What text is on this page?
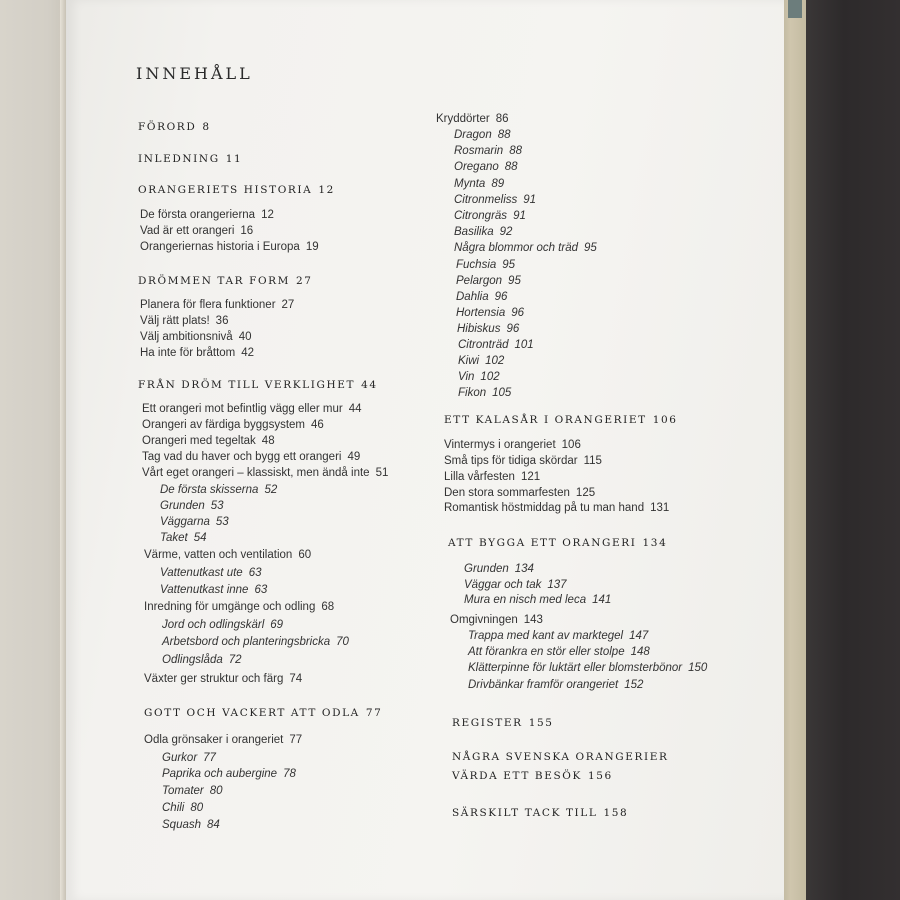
INNEHÅLL
FÖRORD 8
INLEDNING 11
ORANGERIETS HISTORIA 12
De första orangerierna 12
Vad är ett orangeri 16
Orangeriernas historia i Europa 19
DRÖMMEN TAR FORM 27
Planera för flera funktioner 27
Välj rätt plats! 36
Välj ambitionsnivå 40
Ha inte för bråttom 42
FRÅN DRÖM TILL VERKLIGHET 44
Ett orangeri mot befintlig vägg eller mur 44
Orangeri av färdiga byggsystem 46
Orangeri med tegeltak 48
Tag vad du haver och bygg ett orangeri 49
Vårt eget orangeri – klassiskt, men ändå inte 51
De första skisserna 52
Grunden 53
Väggarna 53
Taket 54
Värme, vatten och ventilation 60
Vattenutkast ute 63
Vattenutkast inne 63
Inredning för umgänge och odling 68
Jord och odlingskärl 69
Arbetsbord och planteringsbricka 70
Odlingslåda 72
Växter ger struktur och färg 74
GOTT OCH VACKERT ATT ODLA 77
Odla grönsaker i orangeriet 77
Gurkor 77
Paprika och aubergine 78
Tomater 80
Chili 80
Squash 84
Kryddörter 86
Dragon 88
Rosmarin 88
Oregano 88
Mynta 89
Citronmeliss 91
Citrongräs 91
Basilika 92
Några blommor och träd 95
Fuchsia 95
Pelargon 95
Dahlia 96
Hortensia 96
Hibiskus 96
Citronträd 101
Kiwi 102
Vin 102
Fikon 105
ETT KALASÅR I ORANGERIET 106
Vintermys i orangeriet 106
Små tips för tidiga skördar 115
Lilla vårfesten 121
Den stora sommarfesten 125
Romantisk höstmiddag på tu man hand 131
ATT BYGGA ETT ORANGERI 134
Grunden 134
Väggar och tak 137
Mura en nisch med leca 141
Omgivningen 143
Trappa med kant av marktegel 147
Att förankra en stör eller stolpe 148
Klätterpinne för luktärt eller blomsterbönor 150
Drivbänkar framför orangeriet 152
REGISTER 155
NÅGRA SVENSKA ORANGERIER
VÄRDA ETT BESÖK 156
SÄRSKILT TACK TILL 158
